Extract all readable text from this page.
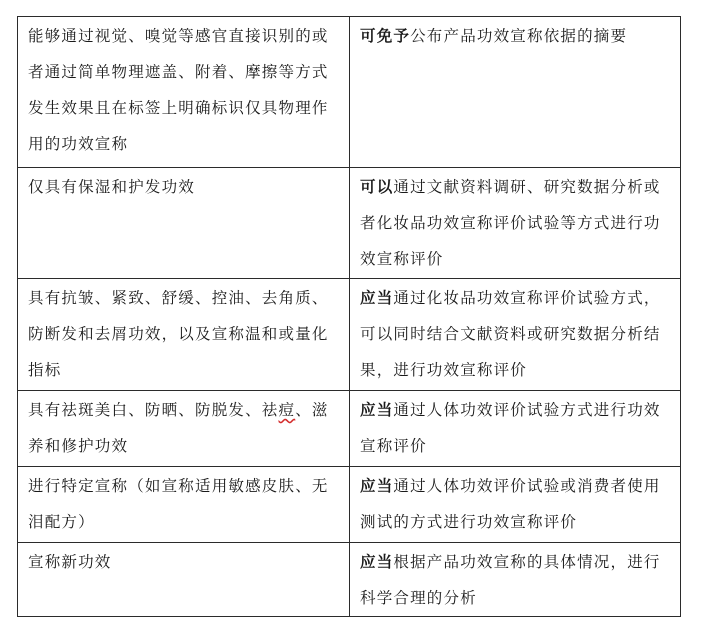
能够通过视觉、嗅觉等感官直接识别的或者通过简单物理遮盖、附着、摩擦等方式发生效果且在标签上明确标识仅具物理作用的功效宣称	可免予公布产品功效宣称依据的摘要

仅具有保湿和护发功效	可以通过文献资料调研、研究数据分析或者化妆品功效宣称评价试验等方式进行功效宣称评价

具有抗皱、紧致、舒缓、控油、去角质、防断发和去屑功效，以及宣称温和或量化指标	应当通过化妆品功效宣称评价试验方式，可以同时结合文献资料或研究数据分析结果，进行功效宣称评价

具有祛斑美白、防晒、防脱发、祛痘、滋养和修护功效	应当通过人体功效评价试验方式进行功效宣称评价

进行特定宣称（如宣称适用敏感皮肤、无泪配方）	应当通过人体功效评价试验或消费者使用测试的方式进行功效宣称评价

宣称新功效	应当根据产品功效宣称的具体情况，进行科学合理的分析
